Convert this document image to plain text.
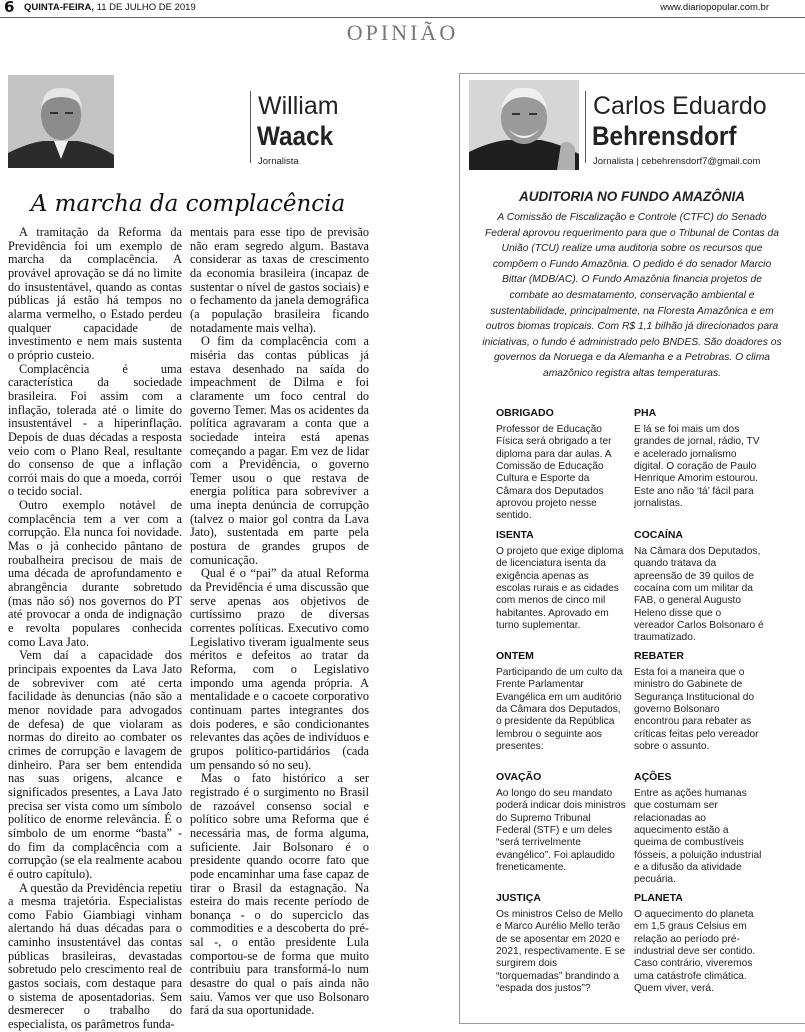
6 QUINTA-FEIRA, 11 DE JULHO DE 2019	www.diariopopular.com.br
OPINIÃO
William
Waack
Jornalista
Carlos Eduardo
Behrensdorf
Jornalista | cebehrensdorf7@gmail.com
A marcha da complacência

A tramitação da Reforma da Previdência foi um exemplo de marcha da complacência. A provável aprovação se dá no limite do insustentável, quando as contas públicas já estão há tempos no alarma vermelho, o Estado perdeu qualquer capacidade de investimento e nem mais sustenta o próprio custeio.

Complacência é uma característica da sociedade brasileira. Foi assim com a inflação, tolerada até o limite do insustentável - a hiperinflação. Depois de duas décadas a resposta veio com o Plano Real, resultante do consenso de que a inflação corrói mais do que a moeda, corrói o tecido social.

Outro exemplo notável de complacência tem a ver com a corrupção. Ela nunca foi novidade. Mas o já conhecido pântano de roubalheira precisou de mais de uma década de aprofundamento e abrangência durante sobretudo (mas não só) nos governos do PT até provocar a onda de indignação e revolta populares conhecida como Lava Jato.

Vem daí a capacidade dos principais expoentes da Lava Jato de sobreviver com até certa facilidade às denuncias (não são a menor novidade para advogados de defesa) de que violaram as normas do direito ao combater os crimes de corrupção e lavagem de dinheiro. Para ser bem entendida nas suas origens, alcance e significados presentes, a Lava Jato precisa ser vista como um símbolo político de enorme relevância. É o símbolo de um enorme “basta” - do fim da complacência com a corrupção (se ela realmente acabou é outro capítulo).

A questão da Previdência repetiu a mesma trajetória. Especialistas como Fabio Giambiagi vinham alertando há duas décadas para o caminho insustentável das contas públicas brasileiras, devastadas sobretudo pelo crescimento real de gastos sociais, com destaque para o sistema de aposentadorias. Sem desmerecer o trabalho do especialista, os parâmetros funda-

mentais para esse tipo de previsão não eram segredo algum. Bastava considerar as taxas de crescimento da economia brasileira (incapaz de sustentar o nível de gastos sociais) e o fechamento da janela demográfica (a população brasileira ficando notadamente mais velha).

O fim da complacência com a miséria das contas públicas já estava desenhado na saída do impeachment de Dilma e foi claramente um foco central do governo Temer. Mas os acidentes da política agravaram a conta que a sociedade inteira está apenas começando a pagar. Em vez de lidar com a Previdência, o governo Temer usou o que restava de energia política para sobreviver a uma inepta denúncia de corrupção (talvez o maior gol contra da Lava Jato), sustentada em parte pela postura de grandes grupos de comunicação.

Qual é o “pai” da atual Reforma da Previdência é uma discussão que serve apenas aos objetivos de curtíssimo prazo de diversas correntes políticas. Executivo como Legislativo tiveram igualmente seus méritos e defeitos ao tratar da Reforma, com o Legislativo impondo uma agenda própria. A mentalidade e o cacoete corporativo continuam partes integrantes dos dois poderes, e são condicionantes relevantes das ações de indivíduos e grupos político-partidários (cada um pensando só no seu).

Mas o fato histórico a ser registrado é o surgimento no Brasil de razoável consenso social e político sobre uma Reforma que é necessária mas, de forma alguma, suficiente. Jair Bolsonaro é o presidente quando ocorre fato que pode encaminhar uma fase capaz de tirar o Brasil da estagnação. Na esteira do mais recente período de bonança - o do superciclo das commodities e a descoberta do pré-sal -, o então presidente Lula comportou-se de forma que muito contribuiu para transformá-lo num desastre do qual o país ainda não saiu. Vamos ver que uso Bolsonaro fará da sua oportunidade.

AUDITORIA NO FUNDO AMAZÔNIA
A Comissão de Fiscalização e Controle (CTFC) do Senado Federal aprovou requerimento para que o Tribunal de Contas da União (TCU) realize uma auditoria sobre os recursos que compõem o Fundo Amazônia. O pedido é do senador Marcio Bittar (MDB/AC). O Fundo Amazônia financia projetos de combate ao desmatamento, conservação ambiental e sustentabilidade, principalmente, na Floresta Amazônica e em outros biomas tropicais. Com R$ 1,1 bilhão já direcionados para iniciativas, o fundo é administrado pelo BNDES. São doadores os governos da Noruega e da Alemanha e a Petrobras. O clima amazônico registra altas temperaturas.
OBRIGADO
Professor de Educação Física será obrigado a ter diploma para dar aulas. A Comissão de Educação Cultura e Esporte da Câmara dos Deputados aprovou projeto nesse sentido.
ISENTA
O projeto que exige diploma de licenciatura isenta da exigência apenas as escolas rurais e as cidades com menos de cinco mil habitantes. Aprovado em turno suplementar.
ONTEM
Participando de um culto da Frente Parlamentar Evangélica em um auditório da Câmara dos Deputados, o presidente da República lembrou o seguinte aos presentes:
OVAÇÃO
Ao longo do seu mandato poderá indicar dois ministros do Supremo Tribunal Federal (STF) e um deles “será terrivelmente evangélico”. Foi aplaudido freneticamente.
JUSTIÇA
Os ministros Celso de Mello e Marco Aurélio Mello terão de se aposentar em 2020 e 2021, respectivamente. E se surgirem dois “torquemadas” brandindo a “espada dos justos”?
PHA
E lá se foi mais um dos grandes de jornal, rádio, TV e acelerado jornalismo digital. O coração de Paulo Henrique Amorim estourou. Este ano não ‘tá’ fácil para jornalistas.
COCAÍNA
Na Câmara dos Deputados, quando tratava da apreensão de 39 quilos de cocaína com um militar da FAB, o general Augusto Heleno disse que o vereador Carlos Bolsonaro é traumatizado.
REBATER
Esta foi a maneira que o ministro do Gabinete de Segurança Institucional do governo Bolsonaro encontrou para rebater as críticas feitas pelo vereador sobre o assunto.
AÇÕES
Entre as ações humanas que costumam ser relacionadas ao aquecimento estão a queima de combustíveis fósseis, a poluição industrial e a difusão da atividade pecuária.
PLANETA
O aquecimento do planeta em 1,5 graus Celsius em relação ao período pré-industrial deve ser contido. Caso contrário, viveremos uma catástrofe climática. Quem viver, verá.
